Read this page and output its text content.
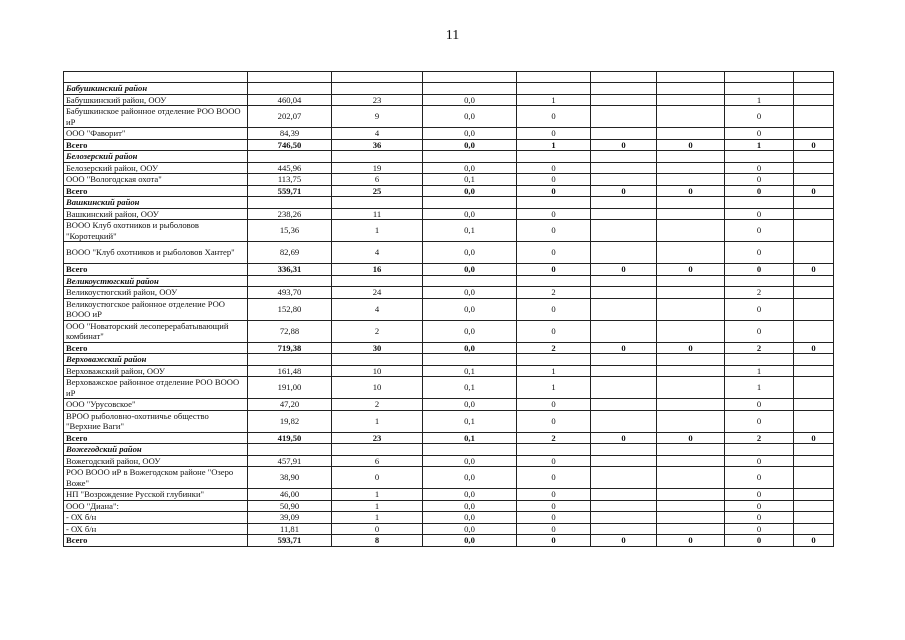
11

Бабушкинский район								
Бабушкинский район, ООУ	460,04	23	0,0	1			1	
Бабушкинское районное отделение РОО ВООО иР	202,07	9	0,0	0			0	
ООО "Фаворит"	84,39	4	0,0	0			0	
Всего	746,50	36	0,0	1	0	0	1	0
Белозерский район								
Белозерский район, ООУ	445,96	19	0,0	0			0	
ООО "Вологодская охота"	113,75	6	0,1	0			0	
Всего	559,71	25	0,0	0	0	0	0	0
Вашкинский район								
Вашкинский район, ООУ	238,26	11	0,0	0			0	
ВООО Клуб охотников и рыболовов "Коротецкий"	15,36	1	0,1	0			0	
ВООО "Клуб охотников и рыболовов Хантер"	82,69	4	0,0	0			0	
Всего	336,31	16	0,0	0	0	0	0	0
Великоустюгский район								
Великоустюгский район, ООУ	493,70	24	0,0	2			2	
Великоустюгское районное отделение РОО ВООО иР	152,80	4	0,0	0			0	
ООО "Новаторский лесоперерабатывающий комбинат"	72,88	2	0,0	0			0	
Всего	719,38	30	0,0	2	0	0	2	0
Верховажский район								
Верховажский район, ООУ	161,48	10	0,1	1			1	
Верховажское районное отделение РОО ВООО иР	191,00	10	0,1	1			1	
ООО "Урусовское"	47,20	2	0,0	0			0	
ВРОО рыболовно-охотничье общество "Верхние Ваги"	19,82	1	0,1	0			0	
Всего	419,50	23	0,1	2	0	0	2	0
Вожегодский район								
Вожегодский район, ООУ	457,91	6	0,0	0			0	
РОО ВООО иР в Вожегодском районе "Озеро Воже"	38,90	0	0,0	0			0	
НП "Возрождение Русской глубинки"	46,00	1	0,0	0			0	
ООО "Диана":	50,90	1	0,0	0			0	
- ОХ б/н	39,09	1	0,0	0			0	
- ОХ б/н	11,81	0	0,0	0			0	
Всего	593,71	8	0,0	0	0	0	0	0
